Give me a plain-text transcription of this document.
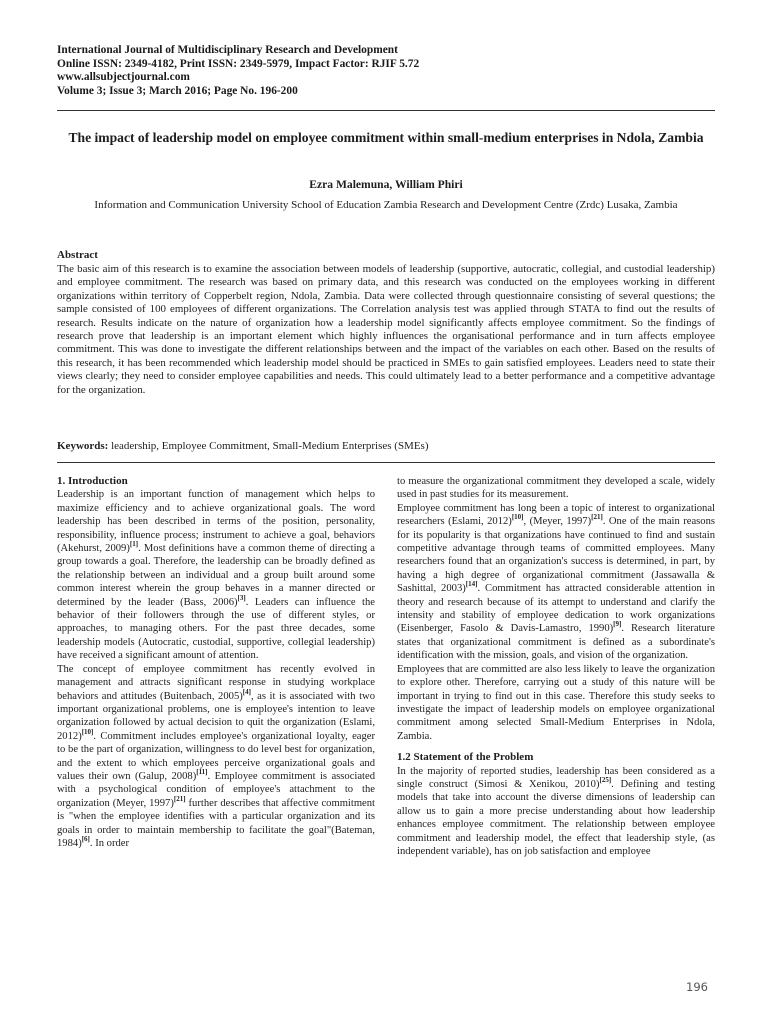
International Journal of Multidisciplinary Research and Development
Online ISSN: 2349-4182, Print ISSN: 2349-5979, Impact Factor: RJIF 5.72
www.allsubjectjournal.com
Volume 3; Issue 3; March 2016; Page No. 196-200
The impact of leadership model on employee commitment within small-medium enterprises in Ndola, Zambia
Ezra Malemuna, William Phiri
Information and Communication University School of Education Zambia Research and Development Centre (Zrdc) Lusaka, Zambia
Abstract
The basic aim of this research is to examine the association between models of leadership (supportive, autocratic, collegial, and custodial leadership) and employee commitment. The research was based on primary data, and this research was conducted on the employees working in different organizations within territory of Copperbelt region, Ndola, Zambia. Data were collected through questionnaire consisting of several questions; the sample consisted of 100 employees of different organizations. The Correlation analysis test was applied through STATA to find out the results of research. Results indicate on the nature of organization how a leadership model significantly affects employee commitment. So the findings of research prove that leadership is an important element which highly influences the organisational performance and in turn affects employee commitment. This was done to investigate the different relationships between and the impact of the variables on each other. Based on the results of this research, it has been recommended which leadership model should be practiced in SMEs to gain satisfied employees. Leaders need to state their views clearly; they need to consider employee capabilities and needs. This could ultimately lead to a better performance and a competitive advantage for the organization.
Keywords: leadership, Employee Commitment, Small-Medium Enterprises (SMEs)

1. Introduction

Leadership is an important function of management which helps to maximize efficiency and to achieve organizational goals. The word leadership has been described in terms of the position, personality, responsibility, influence process; instrument to achieve a goal, behaviors (Akehurst, 2009)[1]. Most definitions have a common theme of directing a group towards a goal. Therefore, the leadership can be broadly defined as the relationship between an individual and a group built around some common interest wherein the group behaves in a manner directed or determined by the leader (Bass, 2006)[3]. Leaders can influence the behavior of their followers through the use of different styles, or approaches, to managing others. For the past three decades, some leadership models (Autocratic, custodial, supportive, collegial leadership) have received a significant amount of attention.

The concept of employee commitment has recently evolved in management and attracts significant response in studying workplace behaviors and attitudes (Buitenbach, 2005)[4], as it is associated with two important organizational problems, one is employee's intention to leave organization followed by actual decision to quit the organization (Eslami, 2012)[10]. Commitment includes employee's organizational loyalty, eager to be the part of organization, willingness to do level best for organization, and the extent to which employees perceive organizational goals and values their own (Galup, 2008)[11]. Employee commitment is associated with a psychological condition of employee's attachment to the organization (Meyer, 1997)[21] further describes that affective commitment is "when the employee identifies with a particular organization and its goals in order to maintain membership to facilitate the goal"(Bateman, 1984)[6]. In order

to measure the organizational commitment they developed a scale, widely used in past studies for its measurement.

Employee commitment has long been a topic of interest to organizational researchers (Eslami, 2012)[10], (Meyer, 1997)[21]. One of the main reasons for its popularity is that organizations have continued to find and sustain competitive advantage through teams of committed employees. Many researchers found that an organization's success is determined, in part, by having a high degree of organizational commitment (Jassawalla & Sashittal, 2003)[14]. Commitment has attracted considerable attention in theory and research because of its attempt to understand and clarify the intensity and stability of employee dedication to work organizations (Eisenberger, Fasolo & Davis-Lamastro, 1990)[9]. Research literature states that organizational commitment is defined as a subordinate's identification with the mission, goals, and vision of the organization.

Employees that are committed are also less likely to leave the organization to explore other. Therefore, carrying out a study of this nature will be important in trying to find out in this case. Therefore this study seeks to investigate the impact of leadership models on employee organizational commitment among selected Small-Medium Enterprises in Ndola, Zambia.

1.2 Statement of the Problem

In the majority of reported studies, leadership has been considered as a single construct (Simosi & Xenikou, 2010)[25]. Defining and testing models that take into account the diverse dimensions of leadership can allow us to gain a more precise understanding about how leadership enhances employee commitment. The relationship between employee commitment and leadership model, the effect that leadership style, (as independent variable), has on job satisfaction and employee

196
